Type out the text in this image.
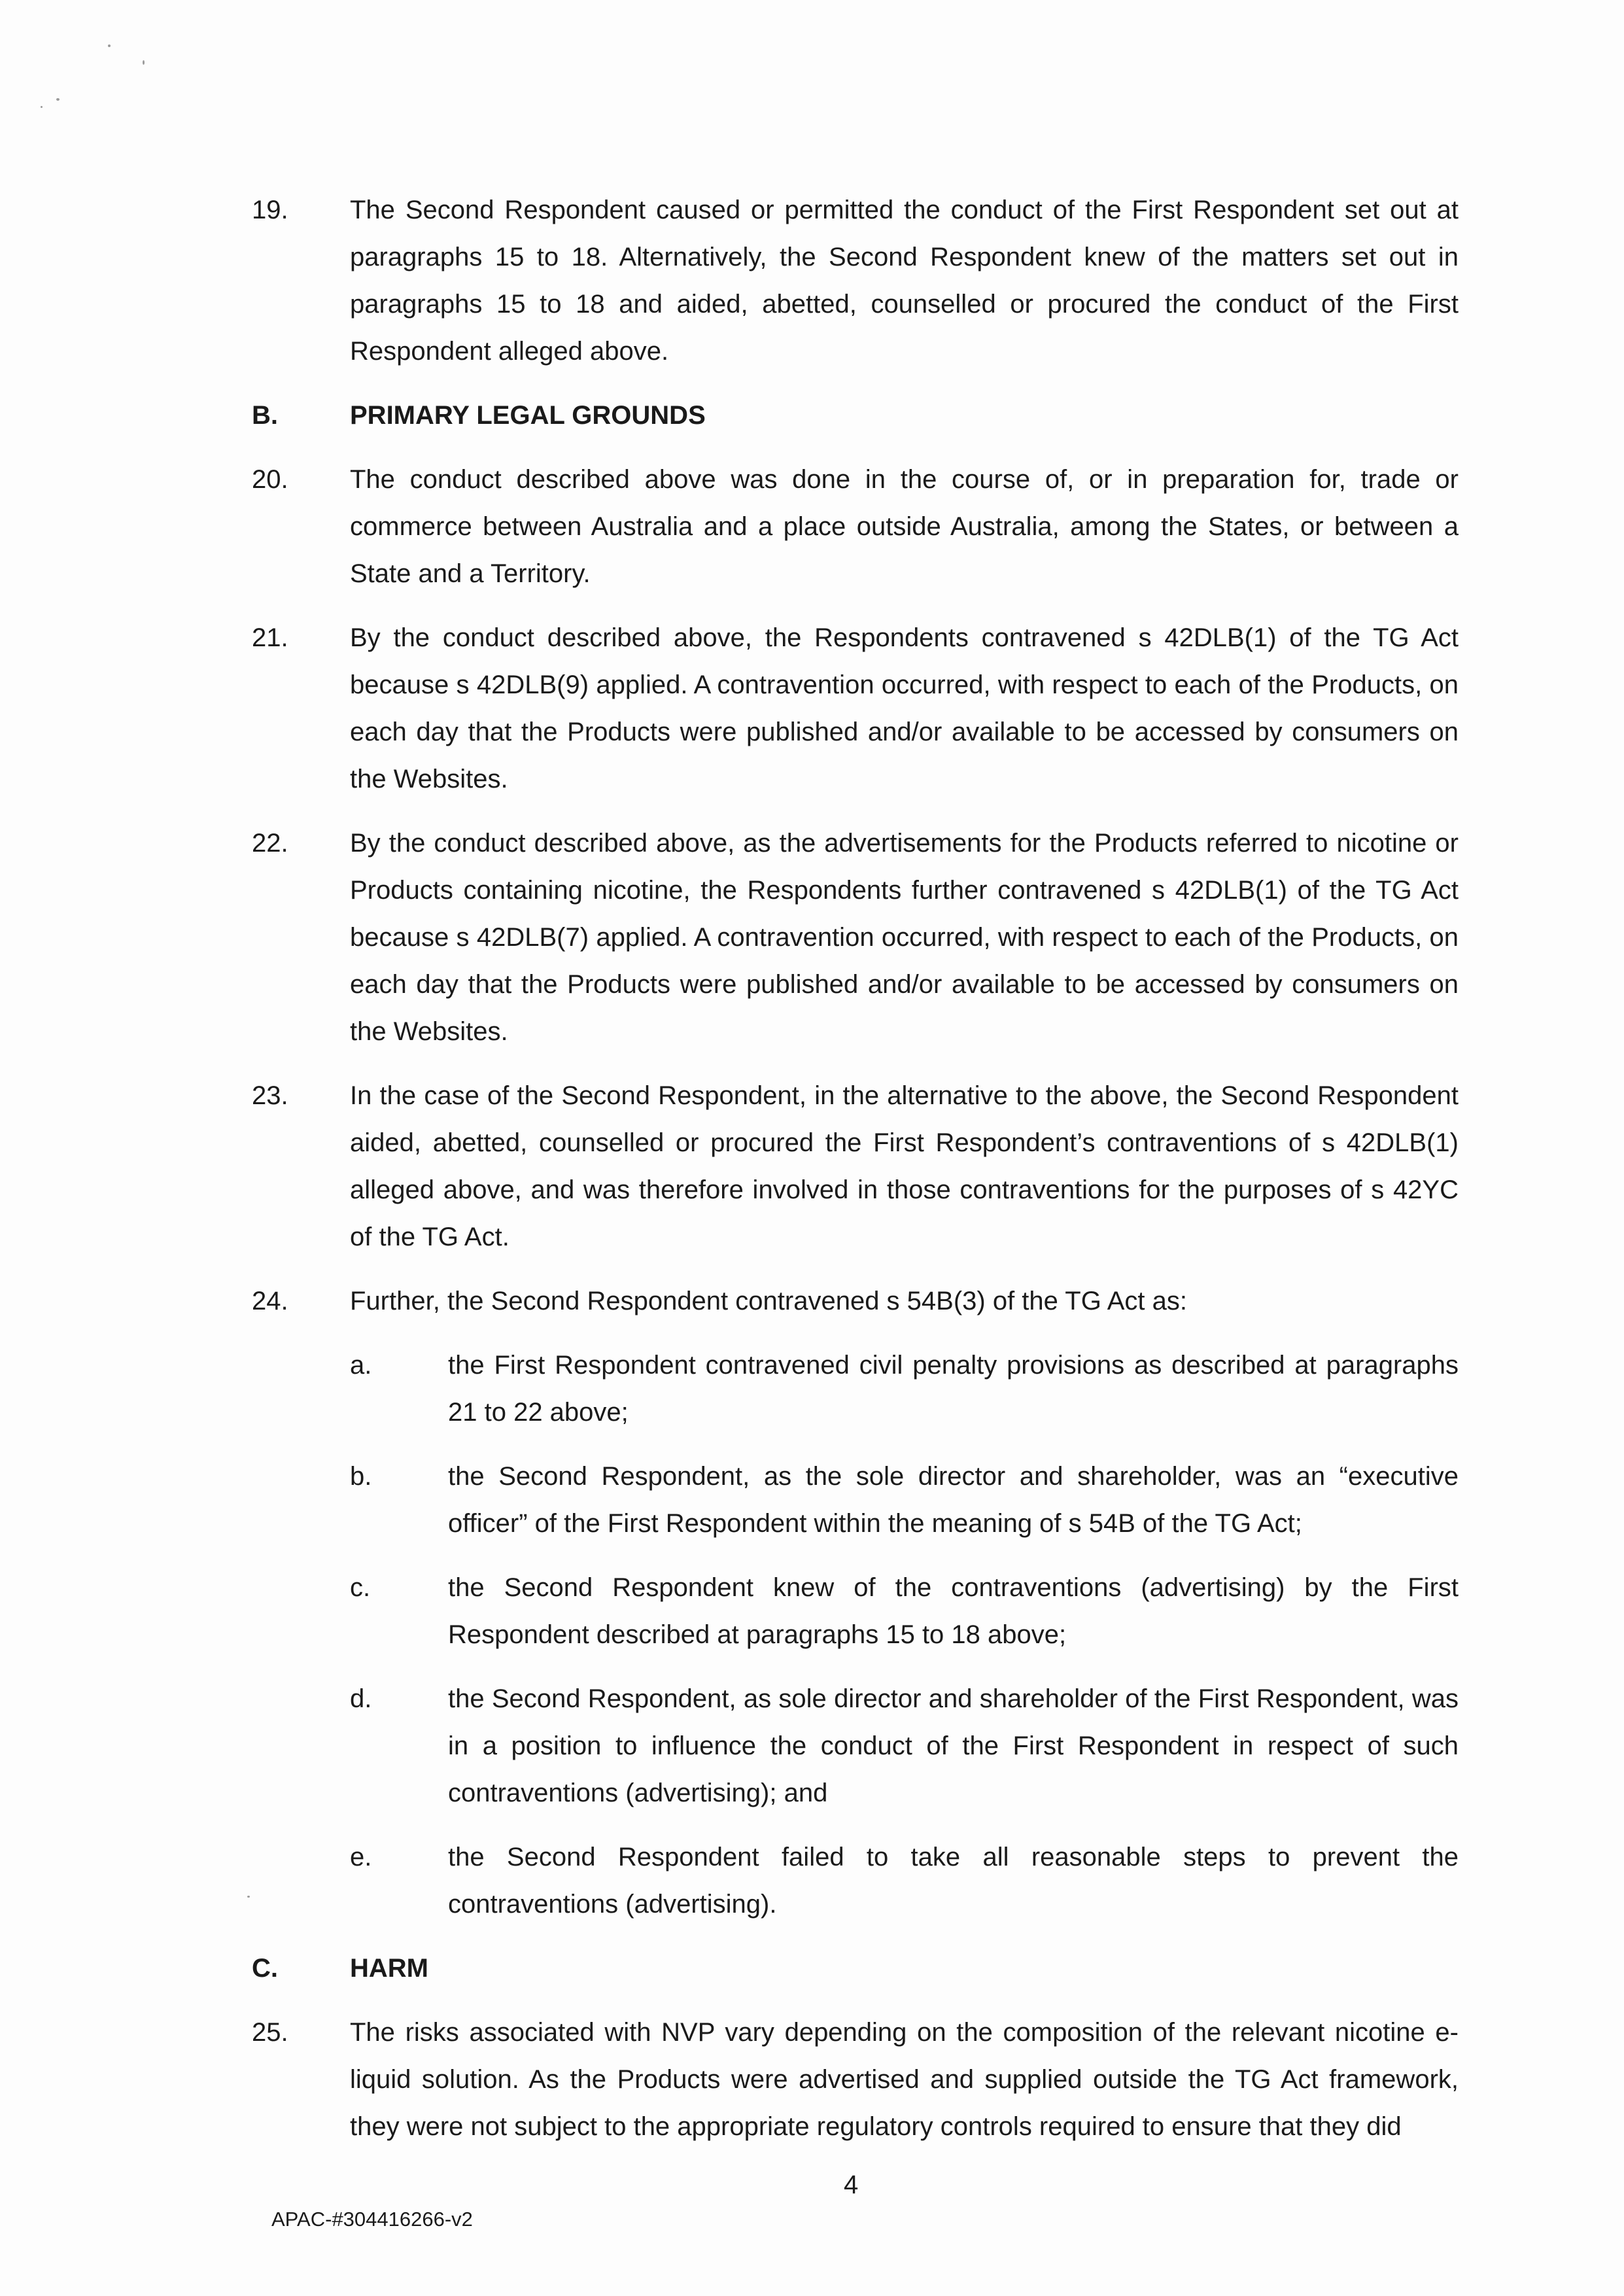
19. The Second Respondent caused or permitted the conduct of the First Respondent set out at paragraphs 15 to 18. Alternatively, the Second Respondent knew of the matters set out in paragraphs 15 to 18 and aided, abetted, counselled or procured the conduct of the First Respondent alleged above.
B.	PRIMARY LEGAL GROUNDS
20. The conduct described above was done in the course of, or in preparation for, trade or commerce between Australia and a place outside Australia, among the States, or between a State and a Territory.
21. By the conduct described above, the Respondents contravened s 42DLB(1) of the TG Act because s 42DLB(9) applied. A contravention occurred, with respect to each of the Products, on each day that the Products were published and/or available to be accessed by consumers on the Websites.
22. By the conduct described above, as the advertisements for the Products referred to nicotine or Products containing nicotine, the Respondents further contravened s 42DLB(1) of the TG Act because s 42DLB(7) applied. A contravention occurred, with respect to each of the Products, on each day that the Products were published and/or available to be accessed by consumers on the Websites.
23. In the case of the Second Respondent, in the alternative to the above, the Second Respondent aided, abetted, counselled or procured the First Respondent’s contraventions of s 42DLB(1) alleged above, and was therefore involved in those contraventions for the purposes of s 42YC of the TG Act.
24. Further, the Second Respondent contravened s 54B(3) of the TG Act as:
a.	the First Respondent contravened civil penalty provisions as described at paragraphs 21 to 22 above;
b.	the Second Respondent, as the sole director and shareholder, was an “executive officer” of the First Respondent within the meaning of s 54B of the TG Act;
c.	the Second Respondent knew of the contraventions (advertising) by the First Respondent described at paragraphs 15 to 18 above;
d.	the Second Respondent, as sole director and shareholder of the First Respondent, was in a position to influence the conduct of the First Respondent in respect of such contraventions (advertising); and
e.	the Second Respondent failed to take all reasonable steps to prevent the contraventions (advertising).
C.	HARM
25. The risks associated with NVP vary depending on the composition of the relevant nicotine e-liquid solution. As the Products were advertised and supplied outside the TG Act framework, they were not subject to the appropriate regulatory controls required to ensure that they did
4
APAC-#304416266-v2
